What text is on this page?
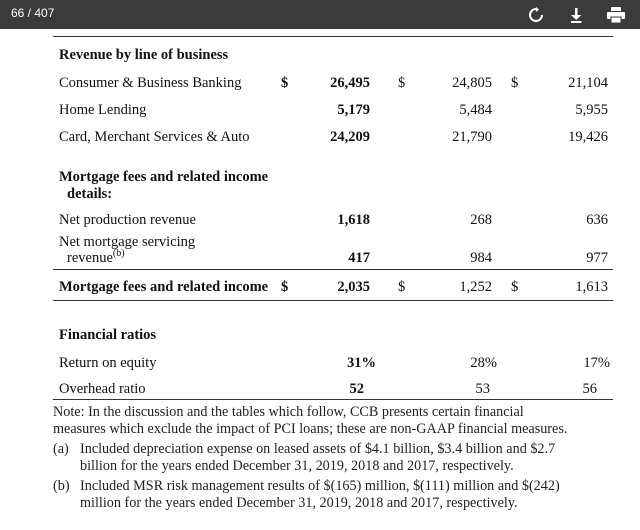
66 / 407
Revenue by line of business
Consumer & Business Banking	$	26,495 $	24,805 $	21,104
Home Lending	5,179	5,484	5,955
Card, Merchant Services & Auto	24,209	21,790	19,426
Mortgage fees and related income
details:
Net production revenue	1,618	268	636
Net mortgage servicing
revenue$^{(b)}$	417	984	977
Mortgage fees and related income $	2,035 $	1,252 $	1,613
Financial ratios
Return on equity	31%	28%	17%
Overhead ratio	52	53	56
Note: In the discussion and the tables which follow, CCB presents certain financial
measures which exclude the impact of PCI loans; these are non-GAAP financial measures.
(a) Included depreciation expense on leased assets of $4.1 billion, $3.4 billion and $2.7
billion for the years ended December 31, 2019, 2018 and 2017, respectively.
(b) Included MSR risk management results of $(165) million, $(111) million and $(242)
million for the years ended December 31, 2019, 2018 and 2017, respectively.
